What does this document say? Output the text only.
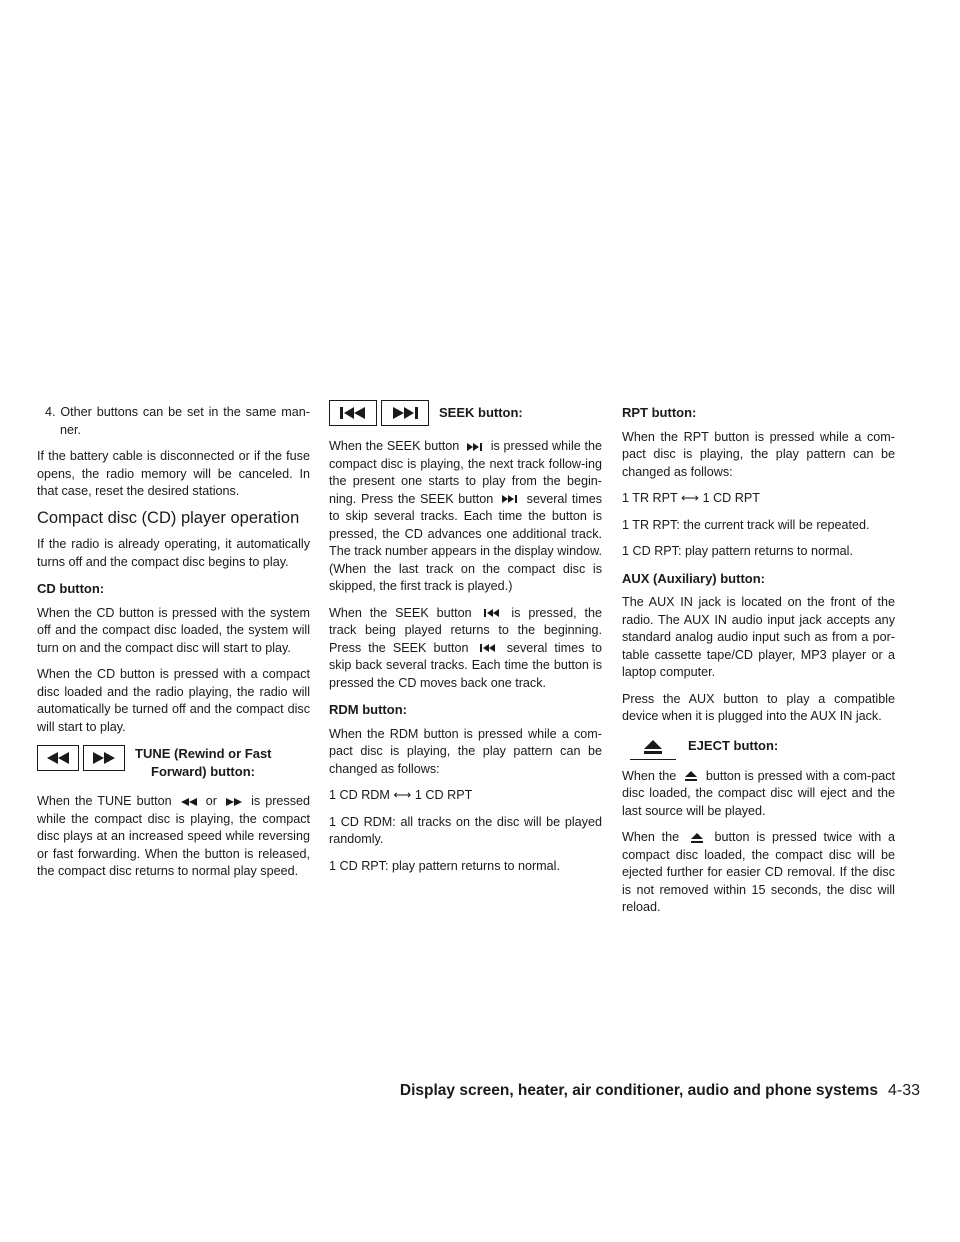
4. Other buttons can be set in the same man-ner.

If the battery cable is disconnected or if the fuse opens, the radio memory will be canceled. In that case, reset the desired stations.

Compact disc (CD) player operation

If the radio is already operating, it automatically turns off and the compact disc begins to play.

CD button:

When the CD button is pressed with the system off and the compact disc loaded, the system will turn on and the compact disc will start to play.

When the CD button is pressed with a compact disc loaded and the radio playing, the radio will automatically be turned off and the compact disc will start to play.

TUNE (Rewind or Fast
Forward) button:

When the TUNE button	or	is pressed while the compact disc is playing, the compact disc plays at an increased speed while reversing or fast forwarding. When the button is released, the compact disc returns to normal play speed.

SEEK button:

When the SEEK button is pressed while the compact disc is playing, the next track follow-ing the present one starts to play from the begin-ning. Press the SEEK button	several times to skip several tracks. Each time the button is pressed, the CD advances one additional track. The track number appears in the display window. (When the last track on the compact disc is skipped, the first track is played.)

When the SEEK button	is pressed, the track being played returns to the beginning. Press the SEEK button	several times to skip back several tracks. Each time the button is pressed the CD moves back one track.

RDM button:

When the RDM button is pressed while a com-pact disc is playing, the play pattern can be changed as follows:

1 CD RDM ⟷ 1 CD RPT

1 CD RDM: all tracks on the disc will be played randomly.

1 CD RPT: play pattern returns to normal.

RPT button:

When the RPT button is pressed while a com-pact disc is playing, the play pattern can be changed as follows:

1 TR RPT ⟷ 1 CD RPT

1 TR RPT: the current track will be repeated.

1 CD RPT: play pattern returns to normal.

AUX (Auxiliary) button:

The AUX IN jack is located on the front of the radio. The AUX IN audio input jack accepts any standard analog audio input such as from a por-table cassette tape/CD player, MP3 player or a laptop computer.

Press the AUX button to play a compatible device when it is plugged into the AUX IN jack.

EJECT button:

When the button is pressed with a com-pact disc loaded, the compact disc will eject and the last source will be played.

When the	button is pressed twice with a compact disc loaded, the compact disc will be ejected further for easier CD removal. If the disc is not removed within 15 seconds, the disc will reload.

Display screen, heater, air conditioner, audio and phone systems 4-33
